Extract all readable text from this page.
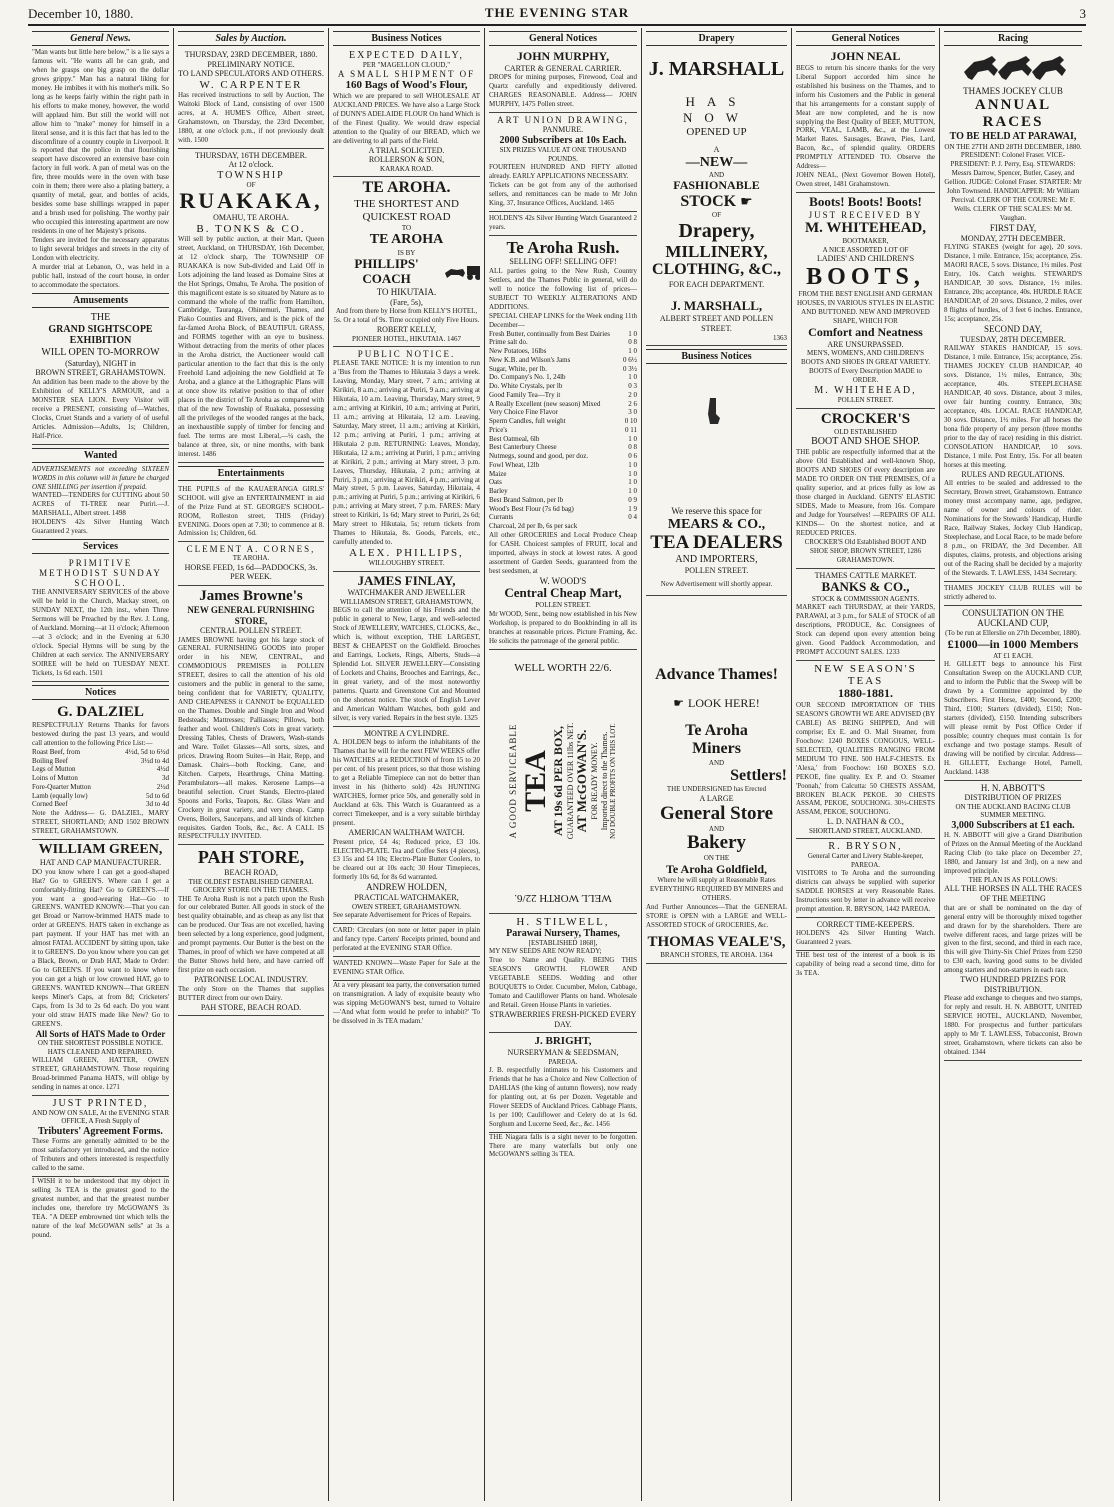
December 10, 1880.	THE EVENING STAR	3
General News.
"Man wants but little here below," is a lie says a famous wit. "He wants all he can grab, and when he grasps one big grasp on the dollar grows grippy." Man has a natural liking for money. He imbibes it with his mother's milk. So long as he keeps fairly within the right path in his efforts to make money, however, the world will applaud him. But still the world will not allow him to "make" money for himself in a literal sense, and it is this fact that has led to the discomfiture of a country couple in Liverpool. It is reported that the police in that flourishing seaport have discovered an extensive base coin factory in full work. A pan of metal was on the fire, three moulds were in the oven with base coin in them; there were also a plating battery, a quantity of metal, gear, and bottles of acids, besides some base shillings wrapped in paper and a brush used for polishing. The worthy pair who occupied this interesting apartment are now residents in one of her Majesty's prisons.
Tenders are invited for the necessary apparatus to light several bridges and streets in the city of London with electricity.
A murder trial at Lebanon, O., was held in a public hall, instead of the court house, in order to accommodate the spectators.
Amusements
THE
GRAND SIGHTSCOPE EXHIBITION
WILL OPEN TO-MORROW
(Saturday), NIGHT in
BROWN STREET, GRAHAMSTOWN.
An addition has been made to the above by the Exhibition of KELLY'S ARMOUR, and a MONSTER SEA LION. Every Visitor will receive a PRESENT, consisting of—Watches, Clocks, Cruet Stands and a variety of of useful Articles. Admission—Adults, 1s; Children, Half-Price.
Wanted
ADVERTISEMENTS not exceeding SIXTEEN WORDS in this column will in future be charged ONE SHILLING per insertion if prepaid.
WANTED—TENDERS for CUTTING about 50 ACRES of TI-TREE near Puriri.—J. MARSHALL, Albert street. 1498
HOLDEN'S 42s Silver Hunting Watch Guaranteed 2 years.
Services
PRIMITIVE METHODIST SUNDAY SCHOOL.
THE ANNIVERSARY SERVICES of the above will be held in the Church, Mackay street, on SUNDAY NEXT, the 12th inst., when Three Sermons will be Preached by the Rev. J. Long, of Auckland. Morning—at 11 o'clock; Afternoon—at 3 o'clock; and in the Evening at 6.30 o'clock. Special Hymns will be sung by the Children at each service. The ANNIVERSARY SOIREE will be held on TUESDAY NEXT. Tickets, 1s 6d each. 1501
Notices
G. DALZIEL
RESPECTFULLY Returns Thanks for favors bestowed during the past 13 years, and would call attention to the following Price List:—
Roast Beef, from	4½d, 5d to 6½d
Boiling Beef	3½d to 4d
Legs of Mutton	4½d
Loins of Mutton	3d
Fore-Quarter Mutton	2½d
Lamb (equally low)	5d to 6d
Corned Beef	3d to 4d
Note the Address— G. DALZIEL, MARY STREET, SHORTLAND; AND 1502 BROWN STREET, GRAHAMSTOWN.
WILLIAM GREEN,
HAT AND CAP MANUFACTURER.
DO you know where I can get a good-shaped Hat? Go to GREEN'S. Where can I get a comfortably-fitting Hat? Go to GREEN'S.—If you want a good-wearing Hat—Go to GREEN'S. WANTED KNOWN:—That you can get Broad or Narrow-brimmed HATS made to order at GREEN'S. HATS taken in exchange as part payment. If your HAT has met with an almost FATAL ACCIDENT by sitting upon, take it to GREEN'S. Do you know where you can get a Black, Brown, or Drab HAT, Made to Order: Go to GREEN'S. If you want to know where you can get a high or low crowned HAT, go to GREEN'S. WANTED KNOWN—That GREEN keeps Miner's Caps, at from 8d; Cricketers' Caps, from 1s 3d to 2s 6d each. Do you want your old straw HATS made like New? Go to GREEN'S.
All Sorts of HATS Made to Order
ON THE SHORTEST POSSIBLE NOTICE. HATS CLEANED AND REPAIRED.
WILLIAM GREEN, HATTER, OWEN STREET, GRAHAMSTOWN. Those requiring Broad-brimmed Panama HATS, will oblige by sending in names at once. 1271
JUST PRINTED,
AND NOW ON SALE, At the EVENING STAR OFFICE, A Fresh Supply of
Tributers' Agreement Forms.
These Forms are generally admitted to be the most satisfactory yet introduced, and the notice of Tributers and others interested is respectfully called to the same.
I WISH it to be understood that my object in selling 3s TEA is the greatest good to the greatest number, and that the greatest number includes one, therefore try McGOWAN'S 3s TEA. "A DEEP embrowned tint which tells the nature of the leaf McGOWAN sells" at 3s a pound.
Sales by Auction.
THURSDAY, 23RD DECEMBER, 1880.
PRELIMINARY NOTICE.
TO LAND SPECULATORS AND OTHERS.
W. CARPENTER
Has received instructions to sell by Auction, The Waitoki Block of Land, consisting of over 1500 acres, at A. HUME'S Office, Albert street, Grahamstown, on Thursday, the 23rd December, 1880, at one o'clock p.m., if not previously dealt with. 1500
THURSDAY, 16TH DECEMBER.
At 12 o'clock.
TOWNSHIP
OF
RUAKAKA,
OMAHU, TE AROHA.
B. TONKS & CO.
Will sell by public auction, at their Mart, Queen street, Auckland, on THURSDAY, 16th December, at 12 o'clock sharp, The TOWNSHIP OF RUAKAKA is now Sub-divided and Laid Off in Lots adjoining the land leased as Domaine Sites at the Hot Springs, Omahu, Te Aroha. The position of this magnificent estate is so situated by Nature as to command the whole of the traffic from Hamilton, Cambridge, Tauranga, Ohinemuri, Thames, and Piako Counties and Rivers, and is the pick of the far-famed Aroha Block, of BEAUTIFUL GRASS, and FORMS together with an eye to business. Without detracting from the merits of other places in the Aroha district, the Auctioneer would call particular attention to the fact that this is the only Freehold Land adjoining the new Goldfield at Te Aroha, and a glance at the Lithographic Plans will at once show its relative position to that of other places in the district of Te Aroha as compared with that of the new Township of Ruakaka, possessing all the privileges of the wooded ranges at the back, an inexhaustible supply of timber for fencing and fuel. The terms are most Liberal,—¼ cash, the balance at three, six, or nine months, with bank interest. 1486
Entertainments
THE PUPILS of the KAUAERANGA GIRLS' SCHOOL will give an ENTERTAINMENT in aid of the Prize Fund at ST. GEORGE'S SCHOOL-ROOM, Rolleston street, THIS (Friday) EVENING. Doors open at 7.30; to commence at 8. Admission 1s; Children, 6d.
CLEMENT A. CORNES,
TE AROHA.
HORSE FEED, 1s 6d—PADDOCKS, 3s. PER WEEK.
James Browne's
NEW GENERAL FURNISHING STORE,
CENTRAL POLLEN STREET.
JAMES BROWNE having got his large stock of GENERAL FURNISHING GOODS into proper order in his NEW, CENTRAL, and COMMODIOUS PREMISES in POLLEN STREET, desires to call the attention of his old customers and the public in general to the same, being confident that for VARIETY, QUALITY, AND CHEAPNESS it CANNOT be EQUALLED on the Thames. Double and Single Iron and Wood Bedsteads; Mattresses; Palliasses; Pillows, both feather and wool. Children's Cots in great variety. Dressing Tables, Chests of Drawers, Wash-stands and Ware. Toilet Glasses—All sorts, sizes, and prices. Drawing Room Suites—in Hair, Repp, and Damask. Chairs—both Rocking, Cane, and Kitchen. Carpets, Hearthrugs, China Matting. Perambulators—all makes. Kerosene Lamps—a beautiful selection. Cruet Stands, Electro-plated Spoons and Forks, Teapots, &c. Glass Ware and Crockery in great variety, and very cheap. Camp Ovens, Boilers, Saucepans, and all kinds of kitchen requisites. Garden Tools, &c., &c. A CALL IS RESPECTFULLY INVITED.
PAH STORE,
BEACH ROAD,
THE OLDEST ESTABLISHED GENERAL GROCERY STORE ON THE THAMES.
THE Te Aroha Rush is not a patch upon the Rush for our celebrated Butter. All goods in stock of the best quality obtainable, and as cheap as any list that can be produced. Our Teas are not excelled, having been selected by a long experience, good judgment, and prompt payments. Our Butter is the best on the Thames, in proof of which we have competed at all the Butter Shows held here, and have carried off first prize on each occasion.
PATRONISE LOCAL INDUSTRY.
The only Store on the Thames that supplies BUTTER direct from our own Dairy.
PAH STORE, BEACH ROAD.
Business Notices
EXPECTED DAILY,
PER "MAGELLON CLOUD,"
A SMALL SHIPMENT OF
160 Bags of Wood's Flour,
Which we are prepared to sell WHOLESALE AT AUCKLAND PRICES. We have also a Large Stock of DUNN'S ADELAIDE FLOUR On hand Which is of the Finest Quality. We would draw especial attention to the Quality of our BREAD, which we are delivering to all parts of the Field.
A TRIAL SOLICITED.
ROLLERSON & SON,
KARAKA ROAD.
TE AROHA.
THE SHORTEST AND
QUICKEST ROAD
TO
TE AROHA
IS BY
PHILLIPS' COACH
TO HIKUTAIA.
(Fare, 5s),
And from there by Horse from KELLY'S HOTEL, 5s. Or a total of 9s. Time occupied only Five Hours.
ROBERT KELLY,
PIONEER HOTEL, HIKUTAIA. 1467
PUBLIC NOTICE.
PLEASE TAKE NOTICE: It is my intention to run a 'Bus from the Thames to Hikutaia 3 days a week. Leaving, Monday, Mary street, 7 a.m.; arriving at Kirikiri, 8 a.m.; arriving at Puriri, 9 a.m.; arriving at Hikutaia, 10 a.m. Leaving, Thursday, Mary street, 9 a.m.; arriving at Kirikiri, 10 a.m.; arriving at Puriri, 11 a.m.; arriving at Hikutaia, 12 a.m. Leaving, Saturday, Mary street, 11 a.m.; arriving at Kirikiri, 12 p.m.; arriving at Puriri, 1 p.m.; arriving at Hikutaia 2 p.m. RETURNING: Leaves, Monday, Hikutaia, 12 a.m.; arriving at Puriri, 1 p.m.; arriving at Kirikiri, 2 p.m.; arriving at Mary street, 3 p.m. Leaves, Thursday, Hikutaia, 2 p.m.; arriving at Puriri, 3 p.m.; arriving at Kirikiri, 4 p.m.; arriving at Mary street, 5 p.m. Leaves, Saturday, Hikutaia, 4 p.m.; arriving at Puriri, 5 p.m.; arriving at Kirikiri, 6 p.m.; arriving at Mary street, 7 p.m. FARES: Mary street to Kirikiri, 1s 6d; Mary street to Puriri, 2s 6d; Mary street to Hikutaia, 5s; return tickets from Thames to Hikutaia, 8s. Goods, Parcels, etc., carefully attended to.
ALEX. PHILLIPS,
WILLOUGHBY STREET.
JAMES FINLAY,
WATCHMAKER AND JEWELLER
WILLIAMSON STREET, GRAHAMSTOWN,
BEGS to call the attention of his Friends and the public in general to New, Large, and well-selected Stock of JEWELLERY, WATCHES, CLOCKS, &c., which is, without exception, THE LARGEST, BEST & CHEAPEST on the Goldfield. Brooches and Earrings, Lockets, Rings, Alberts, Studs—a Splendid Lot. SILVER JEWELLERY—Consisting of Lockets and Chains, Brooches and Earrings, &c., in great variety, and of the most noteworthy patterns. Quartz and Greenstone Cut and Mounted on the shortest notice. The stock of English Lever and American Waltham Watches, both gold and silver, is very varied. Repairs in the best style. 1325
MONTRE A CYLINDRE.
A. HOLDEN begs to inform the inhabitants of the Thames that he will for the next FEW WEEKS offer his WATCHES at a REDUCTION of from 15 to 20 per cent. of his present prices, so that those wishing to get a Reliable Timepiece can not do better than invest in his (hitherto sold) 42s HUNTING WATCHES, former price 50s, and generally sold in Auckland at 63s. This Watch is Guaranteed as a correct Timekeeper, and is a very suitable birthday present.
AMERICAN WALTHAM WATCH.
Present price, £4 4s; Reduced price, £3 10s. ELECTRO-PLATE. Tea and Coffee Sets (4 pieces), £3 15s and £4 10s; Electro-Plate Butter Coolers, to be cleared out at 10s each; 30 Hour Timepieces, formerly 10s 6d, for 8s 6d warranted.
ANDREW HOLDEN,
PRACTICAL WATCHMAKER,
OWEN STREET, GRAHAMSTOWN.
See separate Advertisement for Prices of Repairs.
CARD: Circulars (on note or letter paper in plain and fancy type. Carters' Receipts printed, bound and perforated at the EVENING STAR Office.
WANTED KNOWN—Waste Paper for Sale at the EVENING STAR Office.
At a very pleasant tea party, the conversation turned on transmigration. A lady of exquisite beauty who was sipping McGOWAN'S best, turned to Voltaire—'And what form would he prefer to inhabit?' 'To be dissolved in 3s TEA madam.'
General Notices
JOHN MURPHY,
CARTER & GENERAL CARRIER.
DROPS for mining purposes, Firewood, Coal and Quartz carefully and expeditiously delivered. CHARGES REASONABLE. Address— JOHN MURPHY, 1475 Pollen street.
ART UNION DRAWING,
PANMURE.
2000 Subscribers at 10s Each.
SIX PRIZES VALUE AT ONE THOUSAND POUNDS.
FOURTEEN HUNDRED AND FIFTY allotted already. EARLY APPLICATIONS NECESSARY.
Tickets can be got from any of the authorised sellers, and remittances can be made to Mr John King, 37, Insurance Offices, Auckland. 1465
HOLDEN'S 42s Silver Hunting Watch Guaranteed 2 years.
Te Aroha Rush.
SELLING OFF! SELLING OFF!
ALL parties going to the New Rush, Country Settlers, and the Thames Public in general, will do well to notice the following list of prices— SUBJECT TO WEEKLY ALTERATIONS AND ADDITIONS.
SPECIAL CHEAP LINKS for the Week ending 11th December—
Fresh Butter, continually from Best Dairies	1 0
Prime salt do.	0 8
New Potatoes, 16lbs	1 0
New K.B. and Wilson's Jams	0 6½
Sugar, White, per lb.	0 3½
Do. Company's No. 1, 24lb	1 0
Do. White Crystals, per lb	0 3
Good Family Tea—Try it	2 0
A Really Excellent (new season) Mixed	2 6
Very Choice Fine Flavor	3 0
Sperm Candles, full weight	0 10
Price's	0 11
Best Oatmeal, 6lb	1 0
Best Canterbury Cheese	0 8
Nutmegs, sound and good, per doz.	0 6
Fowl Wheat, 12lb	1 0
Maize	1 0
Oats	1 0
Barley	1 0
Best Brand Salmon, per lb	0 9
Wood's Best Flour (7s 6d bag)	1 9
Currants	0 4
Charcoal, 2d per lb, 6s per sack
All other GROCERIES and Local Produce Cheap for CASH. Choicest samples of FRUIT, local and imported, always in stock at lowest rates. A good assortment of Garden Seeds, guaranteed from the best seedsmen, at
W. WOOD'S
Central Cheap Mart,
POLLEN STREET.
Mr WOOD, Senr., being now established in his New Workshop, is prepared to do Bookbinding in all its branches at reasonable prices. Picture Framing, &c. He solicits the patronage of the general public.
WELL WORTH 22/6.
A GOOD SERVICEABLE TEA AT 19s 6d PER BOX, GUARANTEED OVER 11lbs NET. AT McGOWAN'S. FOR READY MONEY. Imported direct to the Thames. NO DOUBLE PROFITS ON THIS LOT.
WELL WORTH 22/6.
H. STILWELL,
Parawai Nursery, Thames,
[ESTABLISHED 1868],
MY NEW SEEDS ARE NOW READY;
True to Name and Quality. BEING THIS SEASON'S GROWTH. FLOWER AND VEGETABLE SEEDS. Wedding and other BOUQUETS to Order. Cucumber, Melon, Cabbage, Tomato and Cauliflower Plants on hand. Wholesale and Retail. Green House Plants in varieties.
STRAWBERRIES FRESH-PICKED EVERY DAY.
J. BRIGHT,
NURSERYMAN & SEEDSMAN,
PAREOA.
J. B. respectfully intimates to his Customers and Friends that he has a Choice and New Collection of DAHLIAS (the king of autumn flowers), now ready for planting out, at 6s per Dozen. Vegetable and Flower SEEDS of Auckland Prices. Cabbage Plants, 1s per 100; Cauliflower and Celery do at 1s 6d. Sorghum and Lucerne Seed, &c., &c. 1456
THE Niagara falls is a sight never to be forgotten. There are many waterfalls but only one McGOWAN'S selling 3s TEA.
Drapery
J. MARSHALL
HAS NOW
OPENED UP
A
—NEW—
AND
FASHIONABLE
STOCK ☛
OF
Drapery,
MILLINERY,
CLOTHING, &C.,
FOR EACH DEPARTMENT.
J. MARSHALL,
ALBERT STREET AND POLLEN STREET.
1363
Business Notices
We reserve this space for
MEARS & CO.,
TEA DEALERS
AND IMPORTERS,
POLLEN STREET.
New Advertisement will shortly appear.
Advance Thames!
☛ LOOK HERE!
Te Aroha
Miners
AND
Settlers!
THE UNDERSIGNED has Erected
A LARGE
General Store
AND
Bakery
ON THE
Te Aroha Goldfield,
Where he will supply at Reasonable Rates EVERYTHING REQUIRED BY MINERS and OTHERS.
And Further Announces—That the GENERAL STORE is OPEN with a LARGE and WELL-ASSORTED STOCK of GROCERIES, &c.
THOMAS VEALE'S,
BRANCH STORES, TE AROHA. 1364
General Notices
JOHN NEAL
BEGS to return his sincere thanks for the very Liberal Support accorded him since he established his business on the Thames, and to inform his Customers and the Public in general that his arrangements for a constant supply of Meat are now completed, and he is now supplying the Best Quality of BEEF, MUTTON, PORK, VEAL, LAMB, &c., at the Lowest Market Rates. Sausages, Brawn, Pies, Lard, Bacon, &c., of splendid quality. ORDERS PROMPTLY ATTENDED TO. Observe the Address—
JOHN NEAL, (Next Governor Bowen Hotel), Owen street, 1481 Grahamstown.
Boots! Boots! Boots!
JUST RECEIVED BY
M. WHITEHEAD,
BOOTMAKER,
A NICE ASSORTED LOT OF
LADIES' AND CHILDREN'S
BOOTS,
FROM THE BEST ENGLISH AND GERMAN HOUSES, IN VARIOUS STYLES IN ELASTIC AND BUTTONED. NEW AND IMPROVED SHAPE, WHICH FOR
Comfort and Neatness
ARE UNSURPASSED.
MEN'S, WOMEN'S, AND CHILDREN'S BOOTS AND SHOES IN GREAT VARIETY. BOOTS of Every Description MADE to ORDER.
M. WHITEHEAD,
POLLEN STREET.
CROCKER'S
OLD ESTABLISHED
BOOT AND SHOE SHOP.
THE public are respectfully informed that at the above Old Established and well-known Shop, BOOTS AND SHOES Of every description are MADE TO ORDER ON THE PREMISES, Of a quality superior, and at prices fully as low as those charged in Auckland. GENTS' ELASTIC SIDES, Made to Measure, from 16s. Compare and Judge for Yourselves! —REPAIRS OF ALL KINDS— On the shortest notice, and at REDUCED PRICES.
CROCKER'S Old Established BOOT AND SHOE SHOP, BROWN STREET, 1286 GRAHAMSTOWN.
THAMES CATTLE MARKET.
BANKS & CO.,
STOCK & COMMISSION AGENTS.
MARKET each THURSDAY, at their YARDS, PARAWAI, at 3 p.m., for SALE of STOCK of all descriptions, PRODUCE, &c. Consignees of Stock can depend upon every attention being given. Good Paddock Accommodation, and PROMPT ACCOUNT SALES. 1233
NEW SEASON'S TEAS
1880-1881.
OUR SECOND IMPORTATION OF THIS SEASON'S GROWTH WE ARE ADVISED (BY CABLE) AS BEING SHIPPED, And will comprise; Ex E. and O. Mail Steamer, from Foochow: 1240 BOXES CONGOUS, WELL-SELECTED, QUALITIES RANGING FROM MEDIUM TO FINE. 500 HALF-CHESTS. Ex 'Alexa,' from Foochow: 160 BOXES S.O. PEKOE, fine quality. Ex P. and O. Steamer 'Poonah,' from Calcutta: 50 CHESTS ASSAM, BROKEN BLACK PEKOE. 30 CHESTS ASSAM, PEKOE, SOUCHONG. 30½-CHESTS ASSAM, PEKOE, SOUCHONG.
L. D. NATHAN & CO.,
SHORTLAND STREET, AUCKLAND.
R. BRYSON,
General Carter and Livery Stable-keeper, PAREOA.
VISITORS to Te Aroha and the surrounding districts can always be supplied with superior SADDLE HORSES at very Reasonable Rates. Instructions sent by letter in advance will receive prompt attention. R. BRYSON, 1442 PAREOA.
CORRECT TIME-KEEPERS.
HOLDEN'S 42s Silver Hunting Watch. Guaranteed 2 years.
THE best test of the interest of a book is its capability of being read a second time, ditto for 3s TEA.
Racing
THAMES JOCKEY CLUB
ANNUAL RACES
TO BE HELD AT PARAWAI,
ON THE 27TH AND 28TH DECEMBER, 1880.
PRESIDENT: Colonel Fraser. VICE-PRESIDENT: P. J. Perry, Esq. STEWARDS: Messrs Darrow, Spencer, Butler, Casey, and Gellion. JUDGE: Colonel Fraser. STARTER: Mr John Townsend. HANDICAPPER: Mr William Percival. CLERK OF THE COURSE: Mr F. Wells. CLERK OF THE SCALES: Mr M. Vaughan.
FIRST DAY,
MONDAY, 27TH DECEMBER.
FLYING STAKES (weight for age), 20 sovs. Distance, 1 mile. Entrance, 15s; acceptance, 25s. MAORI RACE, 5 sovs. Distance, 1½ miles. Post Entry, 10s. Catch weights. STEWARD'S HANDICAP, 30 sovs. Distance, 1½ miles. Entrance, 20s; acceptance, 40s. HURDLE RACE HANDICAP, of 20 sovs. Distance, 2 miles, over 8 flights of hurdles, of 3 feet 6 inches. Entrance, 15s; acceptance, 25s.
SECOND DAY,
TUESDAY, 28TH DECEMBER.
RAILWAY STAKES HANDICAP, 15 sovs. Distance, 1 mile. Entrance, 15s; acceptance, 25s. THAMES JOCKEY CLUB HANDICAP, 40 sovs. Distance, 1½ miles, Entrance, 30s; acceptance, 40s. STEEPLECHASE HANDICAP, 40 sovs. Distance, about 3 miles, over fair hunting country. Entrance, 30s; acceptance, 40s. LOCAL RACE HANDICAP, 30 sovs. Distance, 1½ miles. For all horses the bona fide property of any person (three months prior to the day of race) residing in this district. CONSOLATION HANDICAP, 10 sovs. Distance, 1 mile. Post Entry, 15s. For all beaten horses at this meeting.
RULES AND REGULATIONS.
All entries to be sealed and addressed to the Secretary, Brown street, Grahamstown. Entrance money must accompany name, age, pedigree, name of owner and colours of rider. Nominations for the Stewards' Handicap, Hurdle Race, Railway Stakes, Jockey Club Handicap, Steeplechase, and Local Race, to be made before 8 p.m., on FRIDAY, the 3rd December. All disputes, claims, protests, and objections arising out of the Racing shall be decided by a majority of the Stewards. T. LAWLESS, 1434 Secretary.
THAMES JOCKEY CLUB RULES will be strictly adhered to.
CONSULTATION ON THE AUCKLAND CUP,
(To be run at Ellerslie on 27th December, 1880).
£1000—in 1000 Members
AT £1 EACH.
H. GILLETT begs to announce his First Consultation Sweep on the AUCKLAND CUP, and to inform the Public that the Sweep will be drawn by a Committee appointed by the Subscribers. First Horse, £400; Second, £200; Third, £100; Starters (divided), £150; Non-starters (divided), £150. Intending subscribers will please remit by Post Office Order if possible; country cheques must contain 1s for exchange and two postage stamps. Result of drawing will be notified by circular. Address—H. GILLETT, Exchange Hotel, Parnell, Auckland. 1438
H. N. ABBOTT'S
DISTRIBUTION OF PRIZES
ON THE AUCKLAND RACING CLUB SUMMER MEETING.
3,000 Subscribers at £1 each.
H. N. ABBOTT will give a Grand Distribution of Prizes on the Annual Meeting of the Auckland Racing Club (to take place on December 27, 1880, and January 1st and 3rd), on a new and improved principle.
THE PLAN IS AS FOLLOWS:
ALL THE HORSES IN ALL THE RACES OF THE MEETING
that are or shall be nominated on the day of general entry will be thoroughly mixed together and drawn for by the shareholders. There are twelve different races, and large prizes will be given to the first, second, and third in each race, this will give Thirty-Six Chief Prizes from £250 to £30 each, leaving good sums to be divided among starters and non-starters in each race.
TWO HUNDRED PRIZES FOR DISTRIBUTION.
Please add exchange to cheques and two stamps, for reply and result. H. N. ABBOTT, UNITED SERVICE HOTEL, AUCKLAND, November, 1880. For prospectus and further particulars apply to Mr T. LAWLESS, Tobacconist, Brown street, Grahamstown, where tickets can also be obtained. 1344
